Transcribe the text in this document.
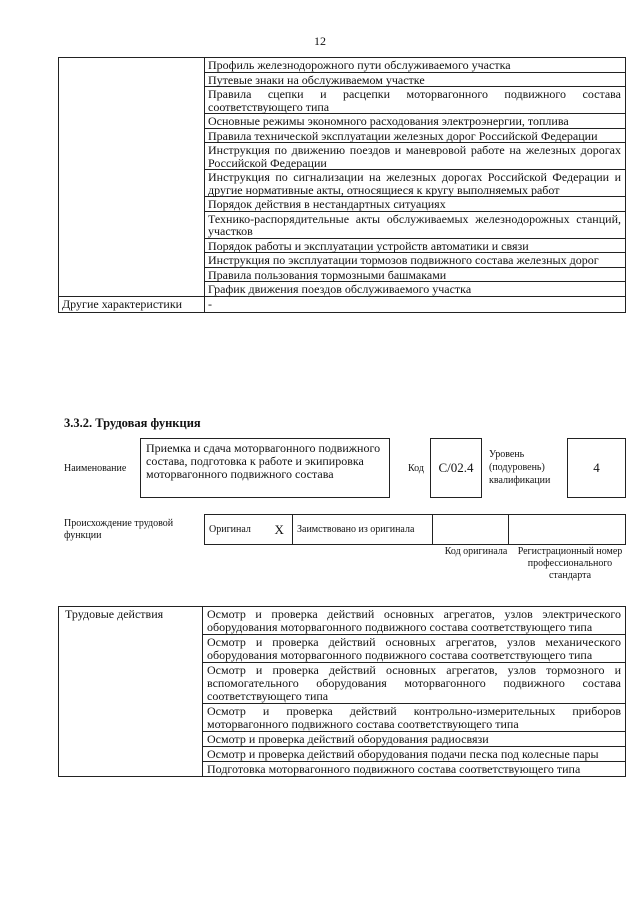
12
	Профиль железнодорожного пути обслуживаемого участка
	Путевые знаки на обслуживаемом участке
	Правила сцепки и расцепки моторвагонного подвижного состава соответствующего типа
	Основные режимы экономного расходования электроэнергии, топлива
	Правила технической эксплуатации железных дорог Российской Федерации
	Инструкция по движению поездов и маневровой работе на железных дорогах Российской Федерации
	Инструкция по сигнализации на железных дорогах Российской Федерации и другие нормативные акты, относящиеся к кругу выполняемых работ
	Порядок действия в нестандартных ситуациях
	Технико-распорядительные акты обслуживаемых железнодорожных станций, участков
	Порядок работы и эксплуатации устройств автоматики и связи
	Инструкция по эксплуатации тормозов подвижного состава железных дорог
	Правила пользования тормозными башмаками
	График движения поездов обслуживаемого участка
Другие характеристики	-
3.3.2. Трудовая функция
Наименование
Приемка и сдача моторвагонного подвижного состава, подготовка к работе и экипировка моторвагонного подвижного состава	Код	С/02.4
Уровень (подуровень) квалификации
4
Происхождение трудовой функции
Оригинал	Х	Заимствовано из оригинала		
Код оригинала	Регистрационный номер профессионального стандарта
Трудовые действия	Осмотр и проверка действий основных агрегатов, узлов электрического оборудования моторвагонного подвижного состава соответствующего типа
Осмотр и проверка действий основных агрегатов, узлов механического оборудования моторвагонного подвижного состава соответствующего типа
Осмотр и проверка действий основных агрегатов, узлов тормозного и вспомогательного оборудования моторвагонного подвижного состава соответствующего типа
Осмотр и проверка действий контрольно-измерительных приборов моторвагонного подвижного состава соответствующего типа
Осмотр и проверка действий оборудования радиосвязи
Осмотр и проверка действий оборудования подачи песка под колесные пары
Подготовка моторвагонного подвижного состава соответствующего типа
